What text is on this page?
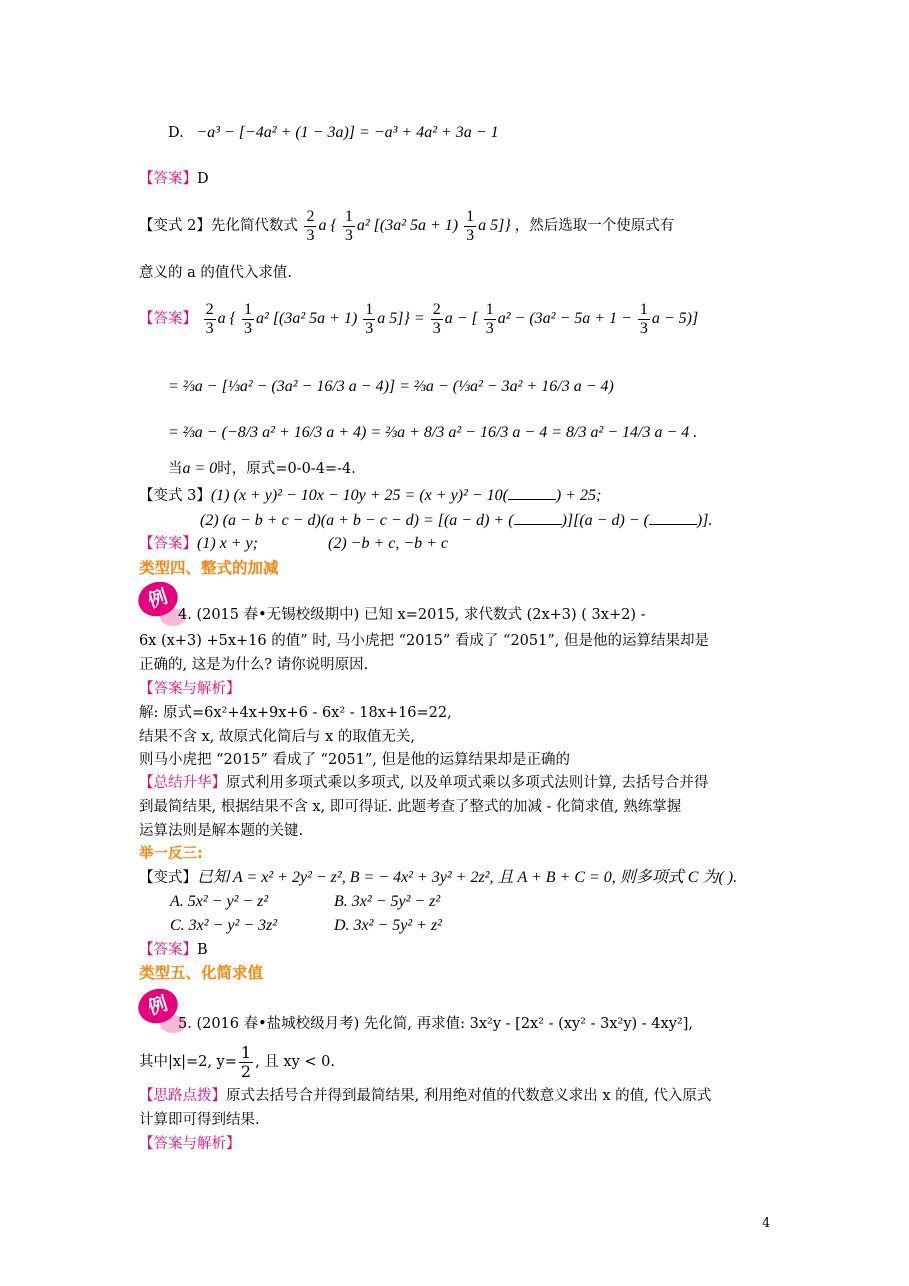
D. −a³ − [−4a² + (1 − 3a)] = −a³ + 4a² + 3a − 1
【答案】D
【变式 2】先化简代数式 $\frac{2}{3}$ a { $\frac{1}{3} a^2$ [(3a² $5a + 1) \frac{1}{3}$ a 5]} ，然后选取一个使原式有
意义的 a 的值代入求值.
【答案】 $\frac{2}{3}$ a { $\frac{1}{3} a^2$ [(3a² $5a + 1) \frac{1}{3}$ a $5]\} = \frac{2}{3}$ a − [ $\frac{1}{3} a^2 - (3a^2 - 5a + 1 - \frac{1}{3}$ a − 5)]
= ⅔a − [⅓a² − (3a² − 16/3 a − 4)] = ⅔a − (⅓a² − 3a² + 16/3 a − 4)
= ⅔a − (−8/3 a² + 16/3 a + 4) = ⅔a + 8/3 a² − 16/3 a − 4 = 8/3 a² − 14/3 a − 4 .
当a = 0时，原式=0-0-4=-4.
【变式 3】(1) (x + y)² − 10x − 10y + 25 = (x + y)² − 10(	) + 25;
(2) (a − b + c − d)(a + b − c − d) = [(a − d) + (	)][(a − d) − (	)].
【答案】(1) x + y;	(2) −b + c, −b + c
类型四、整式的加减
例
4. (2015 春•无锡校级期中) 已知 x=2015, 求代数式 (2x+3) ( 3x+2) -
6x (x+3) +5x+16 的值” 时, 马小虎把 “2015” 看成了 “2051”, 但是他的运算结果却是
正确的, 这是为什么? 请你说明原因.
【答案与解析】
解: 原式=6x²+4x+9x+6 - 6x² - 18x+16=22,
结果不含 x, 故原式化简后与 x 的取值无关,
则马小虎把 “2015” 看成了 “2051”, 但是他的运算结果却是正确的
【总结升华】原式利用多项式乘以多项式, 以及单项式乘以多项式法则计算, 去括号合并得
到最简结果, 根据结果不含 x, 即可得证. 此题考查了整式的加减 - 化简求值, 熟练掌握
运算法则是解本题的关键.
举一反三:
【变式】已知 A = x² + 2y² − z², B = − 4x² + 3y² + 2z², 且 A + B + C = 0, 则多项式 C 为( ).
A. 5x² − y² − z²	B. 3x² − 5y² − z²
C. 3x² − y² − 3z²	D. 3x² − 5y² + z²
【答案】B
类型五、化简求值
例
5. (2016 春•盐城校级月考) 先化简, 再求值: 3x²y - [2x² - (xy² - 3x²y) - 4xy²],
其中|x|=2, $y= \frac{1}{2}$ , 且 xy < 0.
【思路点拨】原式去括号合并得到最简结果, 利用绝对值的代数意义求出 x 的值, 代入原式
计算即可得到结果.
【答案与解析】
4
